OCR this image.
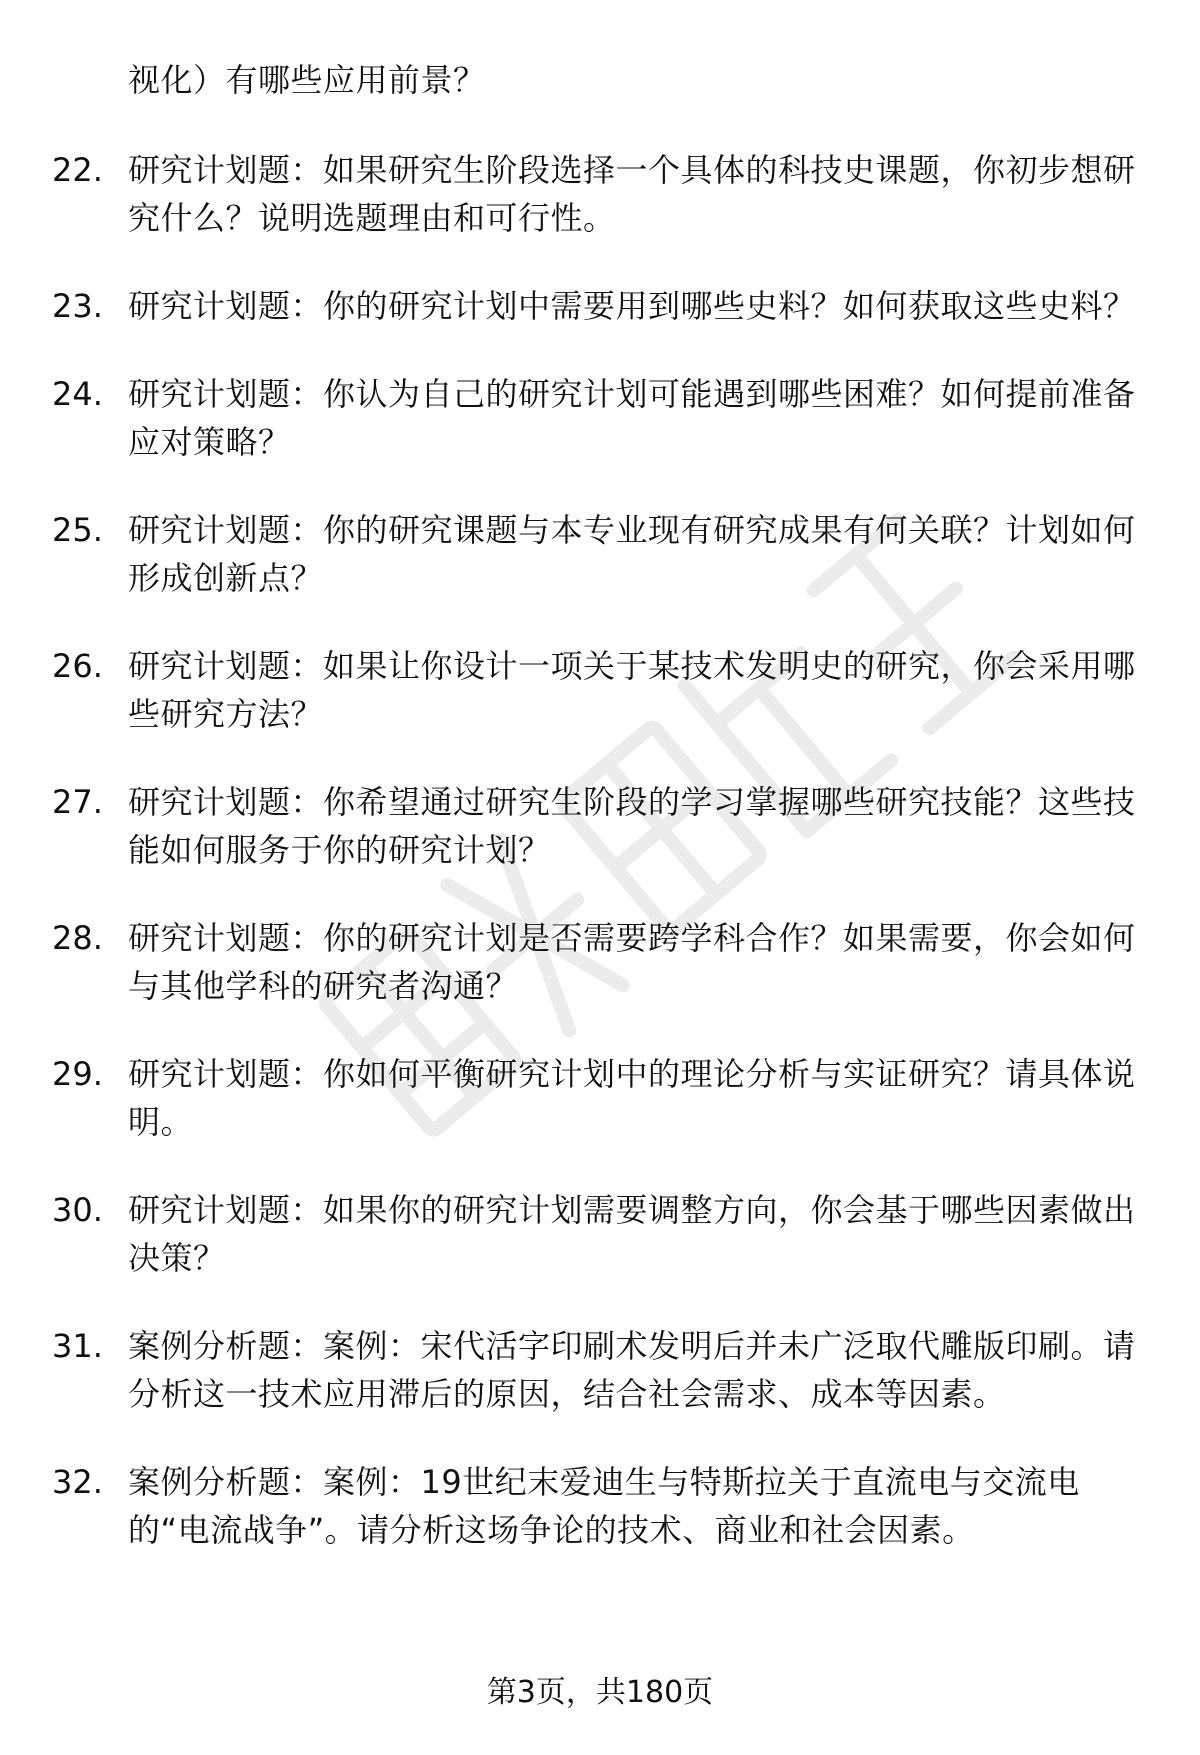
视化）有哪些应用前景？
22. 研究计划题：如果研究生阶段选择一个具体的科技史课题，你初步想研究什么？说明选题理由和可行性。
23. 研究计划题：你的研究计划中需要用到哪些史料？如何获取这些史料？
24. 研究计划题：你认为自己的研究计划可能遇到哪些困难？如何提前准备应对策略？
25. 研究计划题：你的研究课题与本专业现有研究成果有何关联？计划如何形成创新点？
26. 研究计划题：如果让你设计一项关于某技术发明史的研究，你会采用哪些研究方法？
27. 研究计划题：你希望通过研究生阶段的学习掌握哪些研究技能？这些技能如何服务于你的研究计划？
28. 研究计划题：你的研究计划是否需要跨学科合作？如果需要，你会如何与其他学科的研究者沟通？
29. 研究计划题：你如何平衡研究计划中的理论分析与实证研究？请具体说明。
30. 研究计划题：如果你的研究计划需要调整方向，你会基于哪些因素做出决策？
31. 案例分析题：案例：宋代活字印刷术发明后并未广泛取代雕版印刷。请分析这一技术应用滞后的原因，结合社会需求、成本等因素。
32. 案例分析题：案例：19世纪末爱迪生与特斯拉关于直流电与交流电的“电流战争”。请分析这场争论的技术、商业和社会因素。
第3页，共180页
